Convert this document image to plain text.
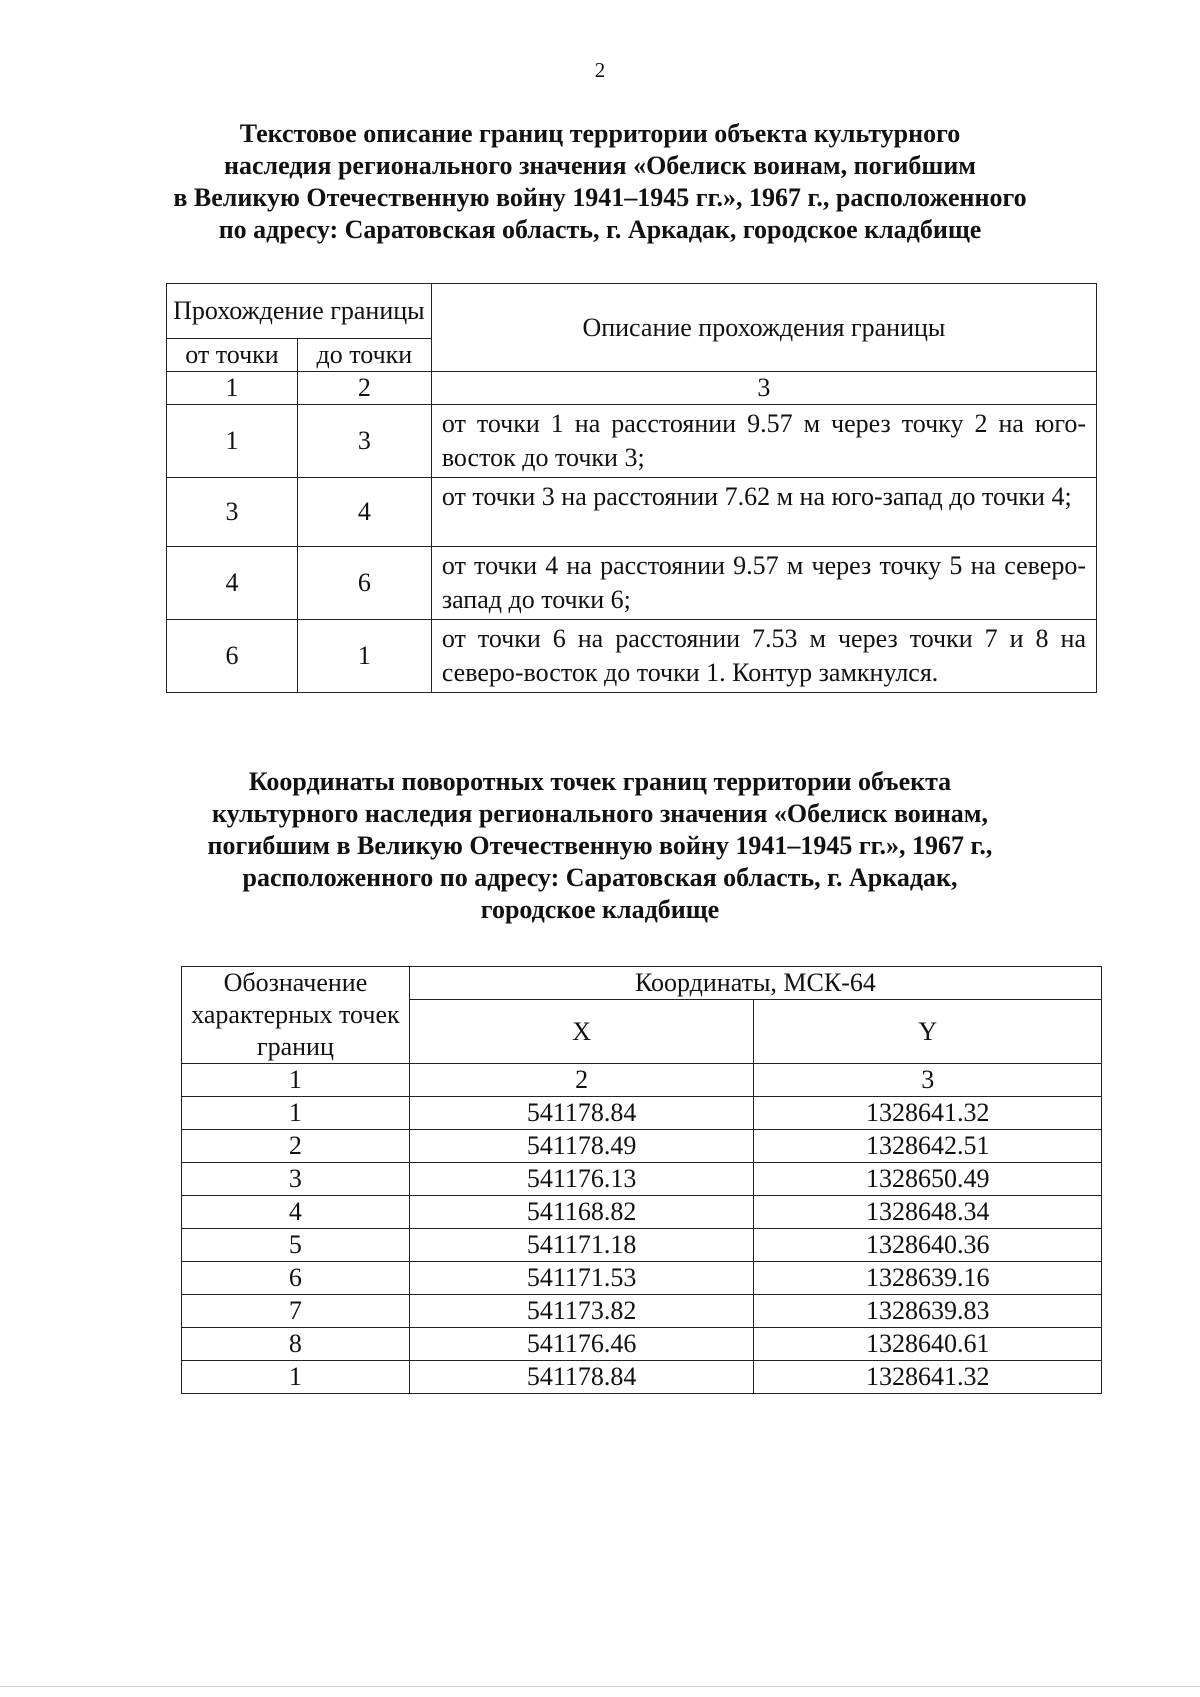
2
Текстовое описание границ территории объекта культурного
наследия регионального значения «Обелиск воинам, погибшим
в Великую Отечественную войну 1941–1945 гг.», 1967 г., расположенного
по адресу: Саратовская область, г. Аркадак, городское кладбище
Прохождение границы		Описание прохождения границы
от точки	до точки	
1	2	3
1	3	от точки 1 на расстоянии 9.57 м через точку 2 на юго-восток до точки 3;
3	4	от точки 3 на расстоянии 7.62 м на юго-запад до точки 4;
4	6	от точки 4 на расстоянии 9.57 м через точку 5 на северо-запад до точки 6;
6	1	от точки 6 на расстоянии 7.53 м через точки 7 и 8 на северо-восток до точки 1. Контур замкнулся.
Координаты поворотных точек границ территории объекта
культурного наследия регионального значения «Обелиск воинам,
погибшим в Великую Отечественную войну 1941–1945 гг.», 1967 г.,
расположенного по адресу: Саратовская область, г. Аркадак,
городское кладбище
Обозначение характерных точек границ	Координаты, МСК-64	
	X	Y
1	2	3
1	541178.84	1328641.32
2	541178.49	1328642.51
3	541176.13	1328650.49
4	541168.82	1328648.34
5	541171.18	1328640.36
6	541171.53	1328639.16
7	541173.82	1328639.83
8	541176.46	1328640.61
1	541178.84	1328641.32
